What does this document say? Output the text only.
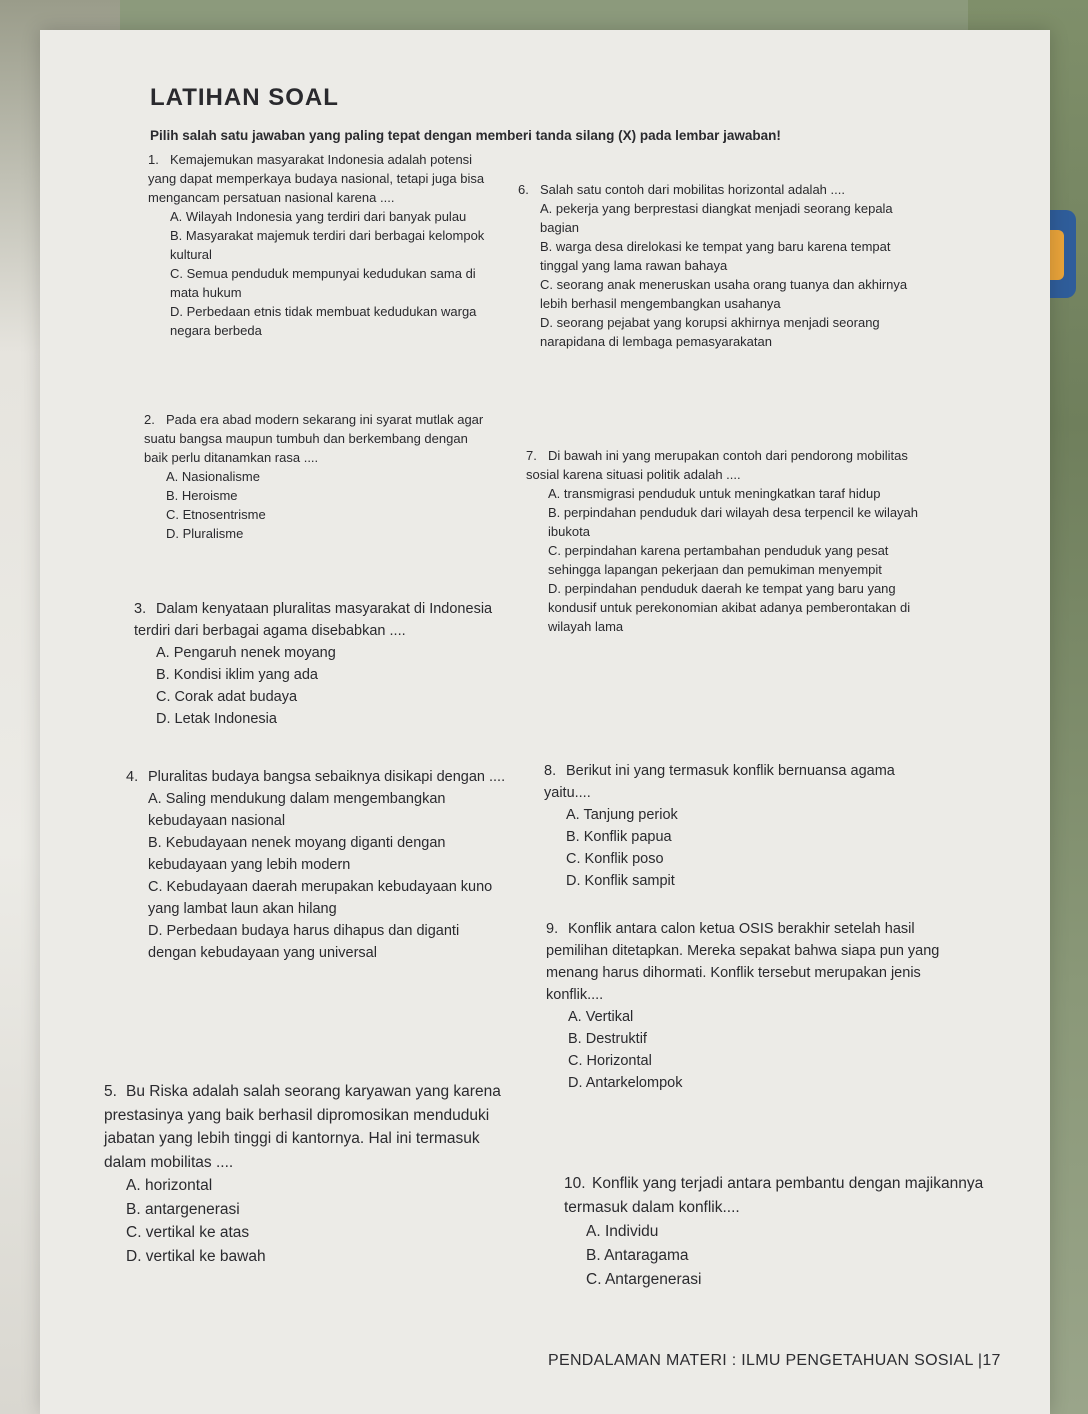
LATIHAN SOAL
Pilih salah satu jawaban yang paling tepat dengan memberi tanda silang (X) pada lembar jawaban!
1. Kemajemukan masyarakat Indonesia adalah potensi yang dapat memperkaya budaya nasional, tetapi juga bisa mengancam persatuan nasional karena ....
A. Wilayah Indonesia yang terdiri dari banyak pulau
B. Masyarakat majemuk terdiri dari berbagai kelompok kultural
C. Semua penduduk mempunyai kedudukan sama di mata hukum
D. Perbedaan etnis tidak membuat kedudukan warga negara berbeda
2. Pada era abad modern sekarang ini syarat mutlak agar suatu bangsa maupun tumbuh dan berkembang dengan baik perlu ditanamkan rasa ....
A. Nasionalisme
B. Heroisme
C. Etnosentrisme
D. Pluralisme
3. Dalam kenyataan pluralitas masyarakat di Indonesia terdiri dari berbagai agama disebabkan ....
A. Pengaruh nenek moyang
B. Kondisi iklim yang ada
C. Corak adat budaya
D. Letak Indonesia
4. Pluralitas budaya bangsa sebaiknya disikapi dengan ....
A. Saling mendukung dalam mengembangkan kebudayaan nasional
B. Kebudayaan nenek moyang diganti dengan kebudayaan yang lebih modern
C. Kebudayaan daerah merupakan kebudayaan kuno yang lambat laun akan hilang
D. Perbedaan budaya harus dihapus dan diganti dengan kebudayaan yang universal
5. Bu Riska adalah salah seorang karyawan yang karena prestasinya yang baik berhasil dipromosikan menduduki jabatan yang lebih tinggi di kantornya. Hal ini termasuk dalam mobilitas ....
A. horizontal
B. antargenerasi
C. vertikal ke atas
D. vertikal ke bawah
6. Salah satu contoh dari mobilitas horizontal adalah ....
A. pekerja yang berprestasi diangkat menjadi seorang kepala bagian
B. warga desa direlokasi ke tempat yang baru karena tempat tinggal yang lama rawan bahaya
C. seorang anak meneruskan usaha orang tuanya dan akhirnya lebih berhasil mengembangkan usahanya
D. seorang pejabat yang korupsi akhirnya menjadi seorang narapidana di lembaga pemasyarakatan
7. Di bawah ini yang merupakan contoh dari pendorong mobilitas sosial karena situasi politik adalah ....
A. transmigrasi penduduk untuk meningkatkan taraf hidup
B. perpindahan penduduk dari wilayah desa terpencil ke wilayah ibukota
C. perpindahan karena pertambahan penduduk yang pesat sehingga lapangan pekerjaan dan pemukiman menyempit
D. perpindahan penduduk daerah ke tempat yang baru yang kondusif untuk perekonomian akibat adanya pemberontakan di wilayah lama
8. Berikut ini yang termasuk konflik bernuansa agama yaitu....
A. Tanjung periok
B. Konflik papua
C. Konflik poso
D. Konflik sampit
9. Konflik antara calon ketua OSIS berakhir setelah hasil pemilihan ditetapkan. Mereka sepakat bahwa siapa pun yang menang harus dihormati. Konflik tersebut merupakan jenis konflik....
A. Vertikal
B. Destruktif
C. Horizontal
D. Antarkelompok
10. Konflik yang terjadi antara pembantu dengan majikannya termasuk dalam konflik....
A. Individu
B. Antaragama
C. Antargenerasi
PENDALAMAN MATERI : ILMU PENGETAHUAN SOSIAL |17
